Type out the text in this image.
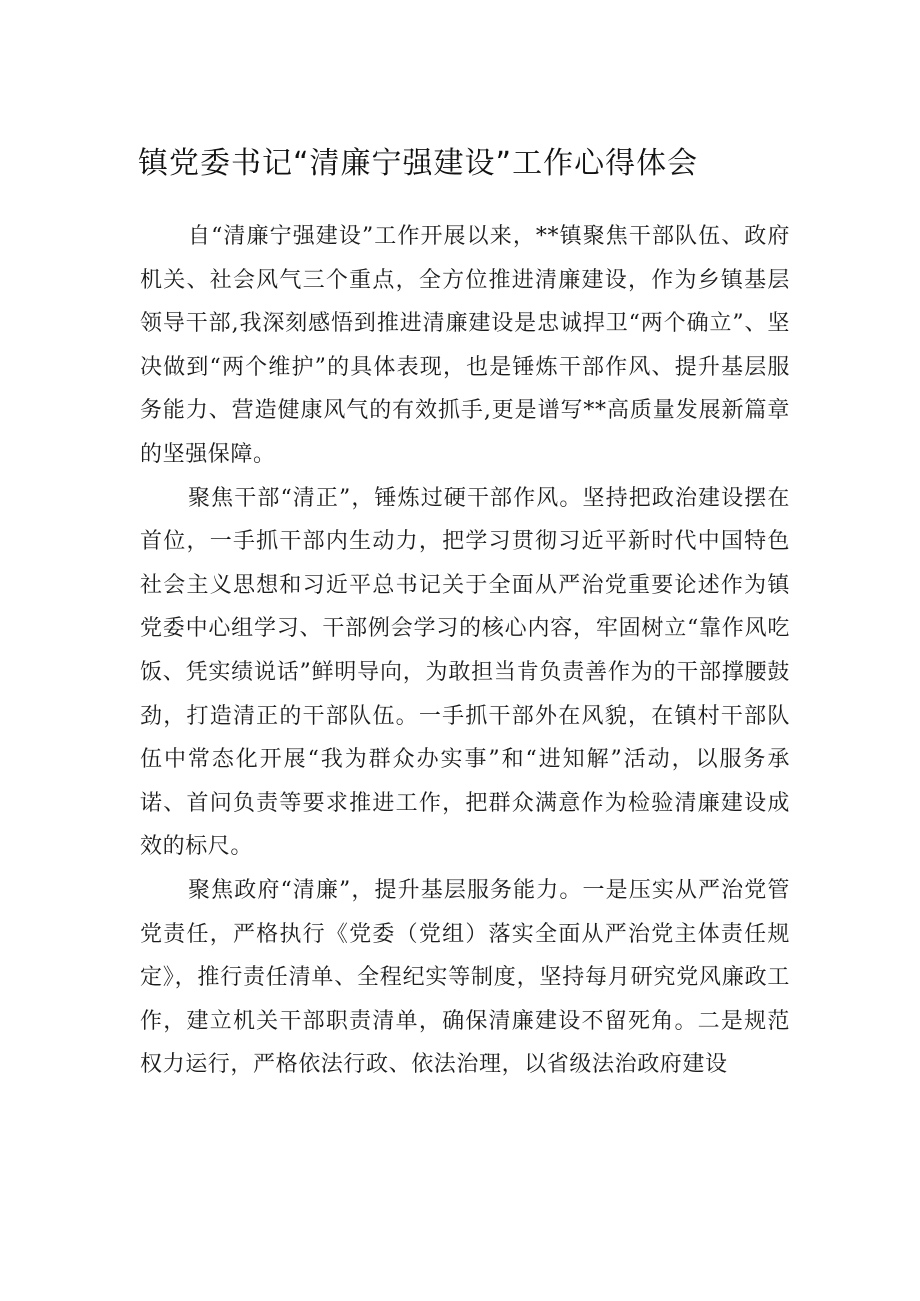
镇党委书记“清廉宁强建设”工作心得体会

自“清廉宁强建设”工作开展以来，**镇聚焦干部队伍、政府机关、社会风气三个重点，全方位推进清廉建设，作为乡镇基层领导干部,我深刻感悟到推进清廉建设是忠诚捍卫“两个确立”、坚决做到“两个维护”的具体表现，也是锤炼干部作风、提升基层服务能力、营造健康风气的有效抓手,更是谱写**高质量发展新篇章的坚强保障。

聚焦干部“清正”，锤炼过硬干部作风。坚持把政治建设摆在首位，一手抓干部内生动力，把学习贯彻习近平新时代中国特色社会主义思想和习近平总书记关于全面从严治党重要论述作为镇党委中心组学习、干部例会学习的核心内容，牢固树立“靠作风吃饭、凭实绩说话”鲜明导向，为敢担当肯负责善作为的干部撑腰鼓劲，打造清正的干部队伍。一手抓干部外在风貌，在镇村干部队伍中常态化开展“我为群众办实事”和“进知解”活动，以服务承诺、首问负责等要求推进工作，把群众满意作为检验清廉建设成效的标尺。

聚焦政府“清廉”，提升基层服务能力。一是压实从严治党管党责任，严格执行《党委（党组）落实全面从严治党主体责任规定》，推行责任清单、全程纪实等制度，坚持每月研究党风廉政工作，建立机关干部职责清单，确保清廉建设不留死角。二是规范权力运行，严格依法行政、依法治理，以省级法治政府建设
